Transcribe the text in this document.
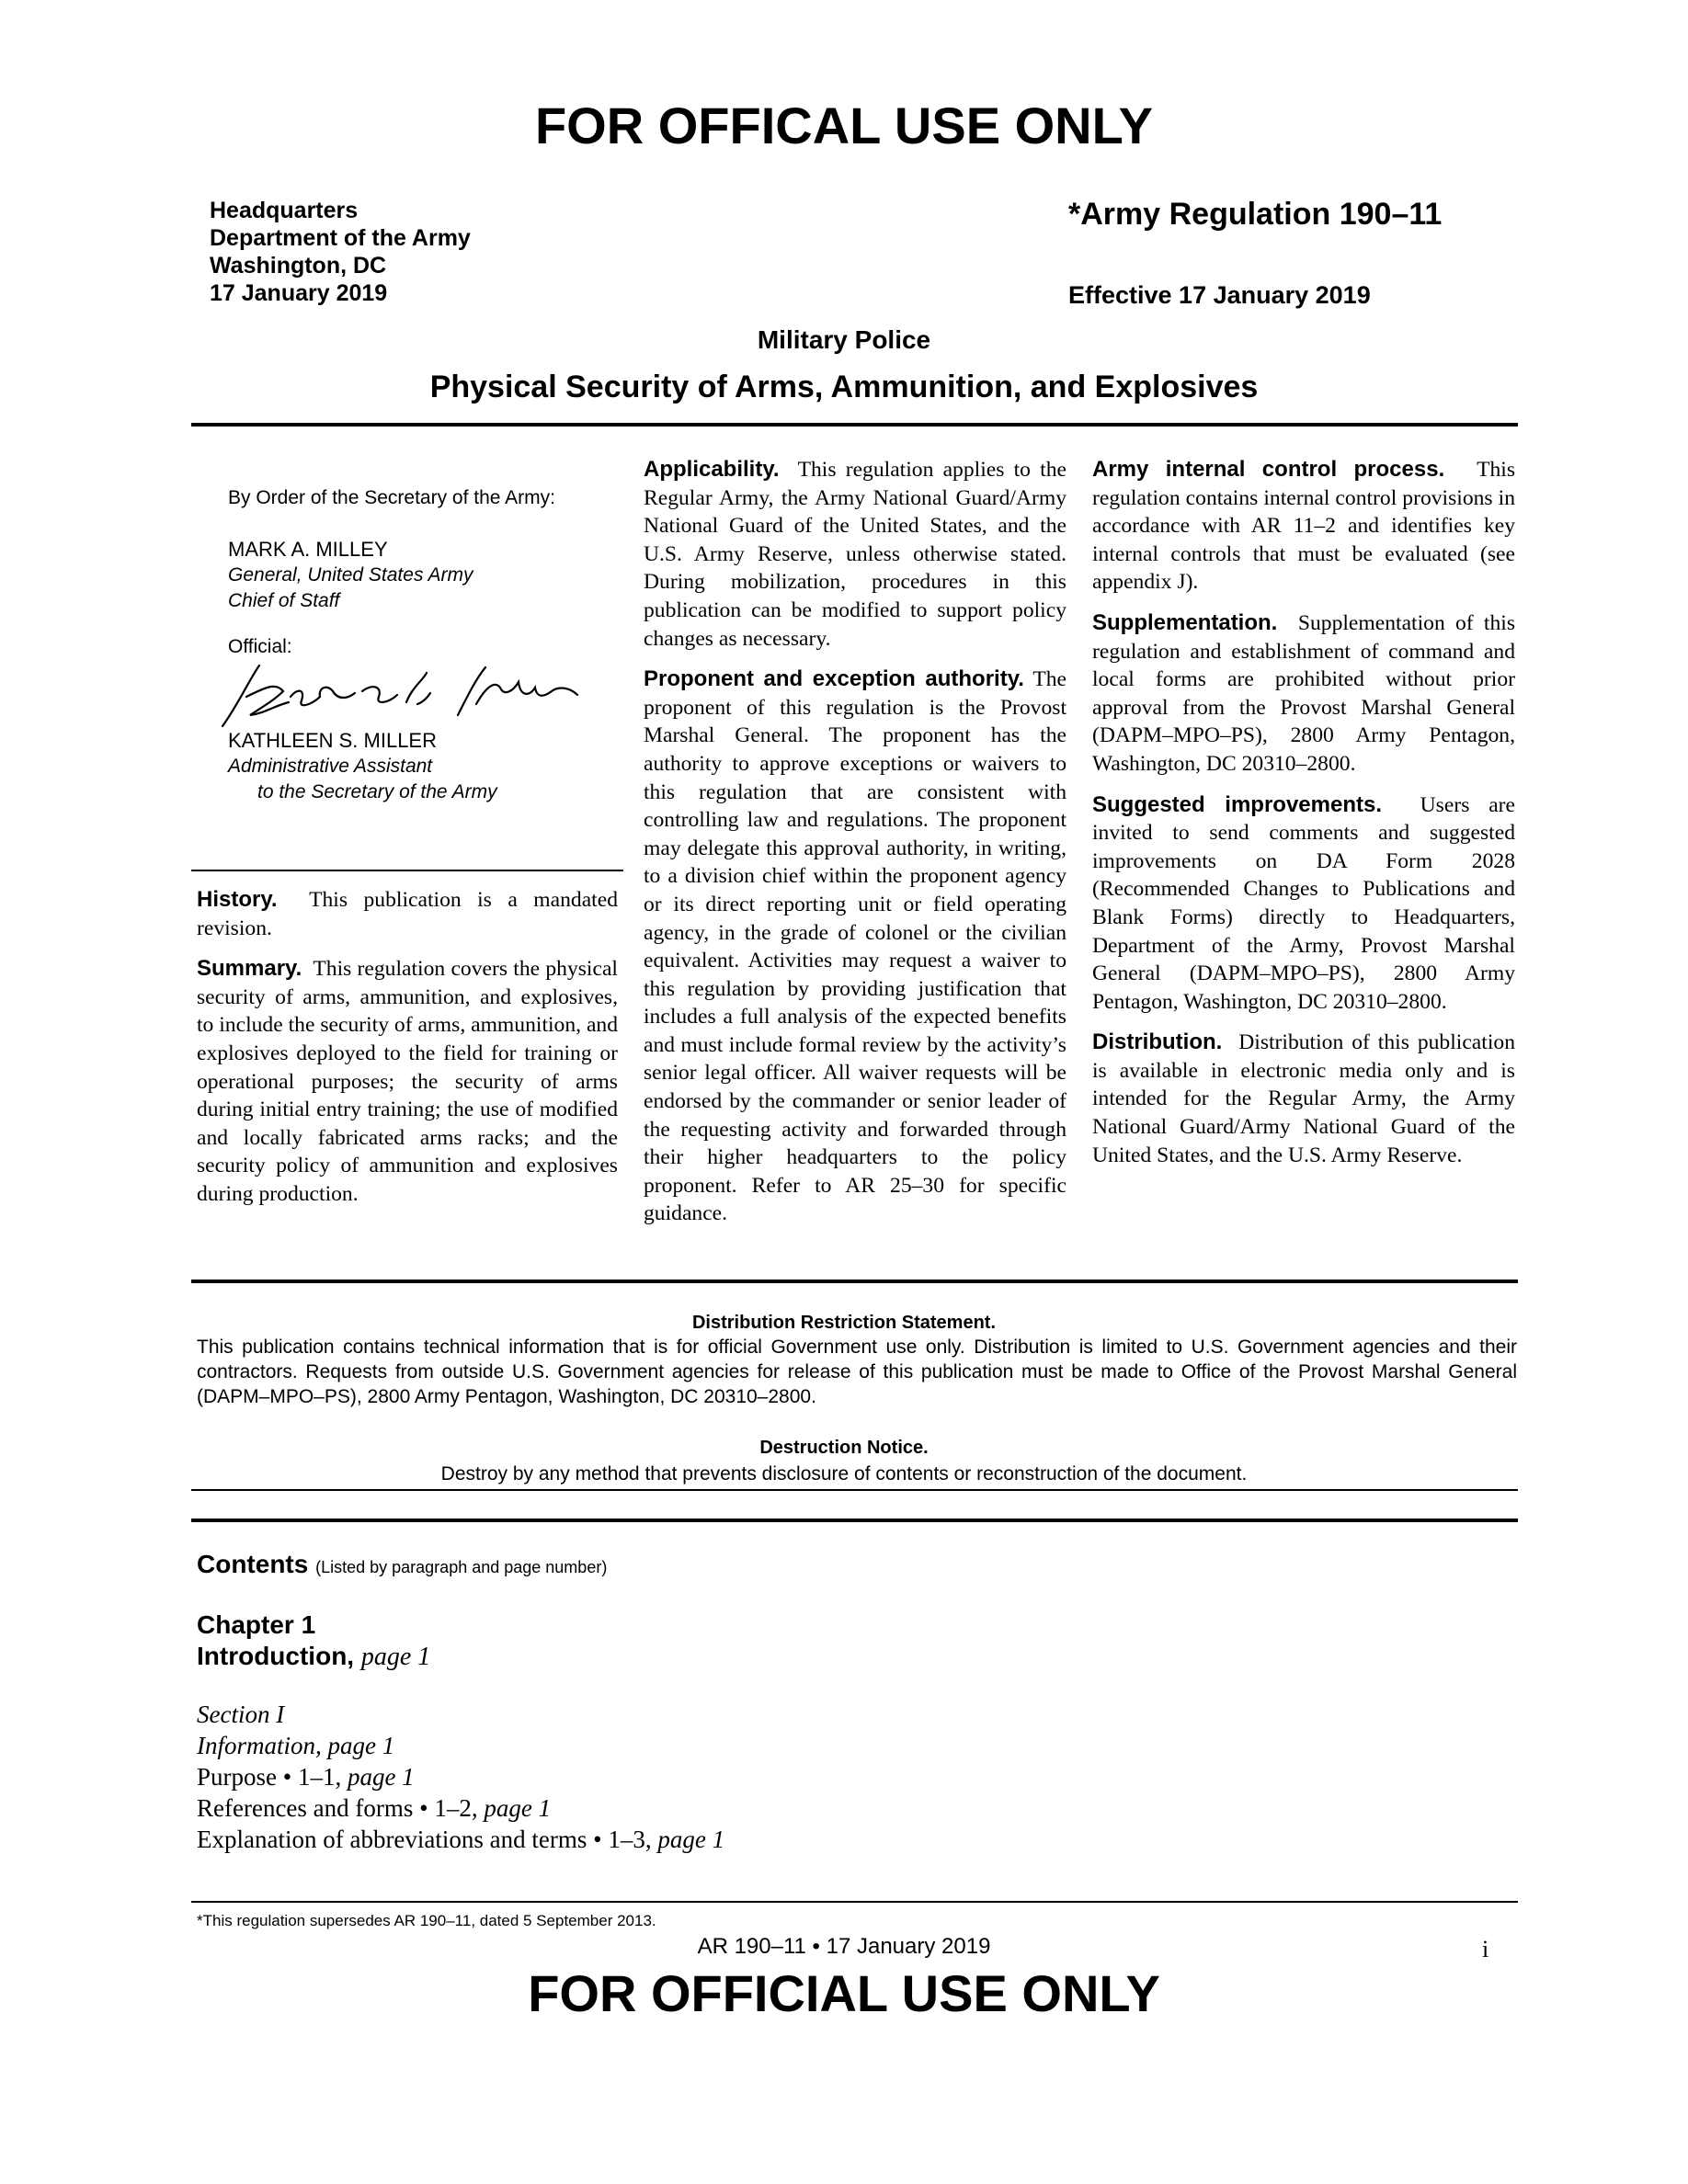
FOR OFFICAL USE ONLY
Headquarters
Department of the Army
Washington, DC
17 January 2019
*Army Regulation 190–11
Effective 17 January 2019
Military Police
Physical Security of Arms, Ammunition, and Explosives

By Order of the Secretary of the Army:

MARK A. MILLEY

General, United States Army

Chief of Staff

Official:

KATHLEEN S. MILLER

Administrative Assistant

to the Secretary of the Army

History. This publication is a mandated revision.

Summary. This regulation covers the physical security of arms, ammunition, and explosives, to include the security of arms, ammunition, and explosives deployed to the field for training or operational purposes; the security of arms during initial entry training; the use of modified and locally fabricated arms racks; and the security policy of ammunition and explosives during production.

Applicability. This regulation applies to the Regular Army, the Army National Guard/Army National Guard of the United States, and the U.S. Army Reserve, unless otherwise stated. During mobilization, procedures in this publication can be modified to support policy changes as necessary.

Proponent and exception authority. The proponent of this regulation is the Provost Marshal General. The proponent has the authority to approve exceptions or waivers to this regulation that are consistent with controlling law and regulations. The proponent may delegate this approval authority, in writing, to a division chief within the proponent agency or its direct reporting unit or field operating agency, in the grade of colonel or the civilian equivalent. Activities may request a waiver to this regulation by providing justification that includes a full analysis of the expected benefits and must include formal review by the activity’s senior legal officer. All waiver requests will be endorsed by the commander or senior leader of the requesting activity and forwarded through their higher headquarters to the policy proponent. Refer to AR 25–30 for specific guidance.

Army internal control process. This regulation contains internal control provisions in accordance with AR 11–2 and identifies key internal controls that must be evaluated (see appendix J).

Supplementation. Supplementation of this regulation and establishment of command and local forms are prohibited without prior approval from the Provost Marshal General (DAPM–MPO–PS), 2800 Army Pentagon, Washington, DC 20310–2800.

Suggested improvements. Users are invited to send comments and suggested improvements on DA Form 2028 (Recommended Changes to Publications and Blank Forms) directly to Headquarters, Department of the Army, Provost Marshal General (DAPM–MPO–PS), 2800 Army Pentagon, Washington, DC 20310–2800.

Distribution. Distribution of this publication is available in electronic media only and is intended for the Regular Army, the Army National Guard/Army National Guard of the United States, and the U.S. Army Reserve.

Distribution Restriction Statement.
This publication contains technical information that is for official Government use only. Distribution is limited to U.S. Government agencies and their contractors. Requests from outside U.S. Government agencies for release of this publication must be made to Office of the Provost Marshal General (DAPM–MPO–PS), 2800 Army Pentagon, Washington, DC 20310–2800.
Destruction Notice.
Destroy by any method that prevents disclosure of contents or reconstruction of the document.
Contents (Listed by paragraph and page number)
Chapter 1
Introduction, page 1
Section I
Information, page 1
Purpose • 1–1, page 1
References and forms • 1–2, page 1
Explanation of abbreviations and terms • 1–3, page 1
*This regulation supersedes AR 190–11, dated 5 September 2013.
AR 190–11 • 17 January 2019	i
FOR OFFICIAL USE ONLY
